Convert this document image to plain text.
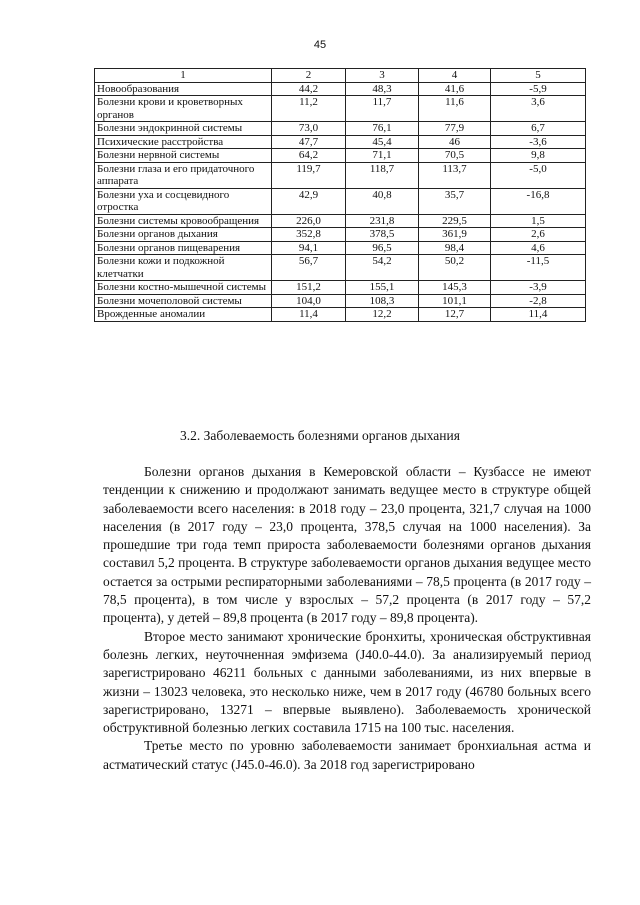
45
1	2	3	4	5
Новообразования	44,2	48,3	41,6	-5,9
Болезни крови и кроветворных органов	11,2	11,7	11,6	3,6
Болезни эндокринной системы	73,0	76,1	77,9	6,7
Психические расстройства	47,7	45,4	46	-3,6
Болезни нервной системы	64,2	71,1	70,5	9,8
Болезни глаза и его придаточного аппарата	119,7	118,7	113,7	-5,0
Болезни уха и сосцевидного отростка	42,9	40,8	35,7	-16,8
Болезни системы кровообращения	226,0	231,8	229,5	1,5
Болезни органов дыхания	352,8	378,5	361,9	2,6
Болезни органов пищеварения	94,1	96,5	98,4	4,6
Болезни кожи и подкожной клетчатки	56,7	54,2	50,2	-11,5
Болезни костно-мышечной системы	151,2	155,1	145,3	-3,9
Болезни мочеполовой системы	104,0	108,3	101,1	-2,8
Врожденные аномалии	11,4	12,2	12,7	11,4
3.2. Заболеваемость болезнями органов дыхания

Болезни органов дыхания в Кемеровской области – Кузбассе не имеют тенденции к снижению и продолжают занимать ведущее место в структуре общей заболеваемости всего населения: в 2018 году – 23,0 процента, 321,7 случая на 1000 населения (в 2017 году – 23,0 процента, 378,5 случая на 1000 населения). За прошедшие три года темп прироста заболеваемости болезнями органов дыхания составил 5,2 процента. В структуре заболеваемости органов дыхания ведущее место остается за острыми респираторными заболеваниями – 78,5 процента (в 2017 году – 78,5 процента), в том числе у взрослых – 57,2 процента (в 2017 году – 57,2 процента), у детей – 89,8 процента (в 2017 году – 89,8 процента).

Второе место занимают хронические бронхиты, хроническая обструктивная болезнь легких, неуточненная эмфизема (J40.0-44.0). За анализируемый период зарегистрировано 46211 больных с данными заболеваниями, из них впервые в жизни – 13023 человека, это несколько ниже, чем в 2017 году (46780 больных всего зарегистрировано, 13271 – впервые выявлено). Заболеваемость хронической обструктивной болезнью легких составила 1715 на 100 тыс. населения.

Третье место по уровню заболеваемости занимает бронхиальная астма и астматический статус (J45.0-46.0). За 2018 год зарегистрировано
